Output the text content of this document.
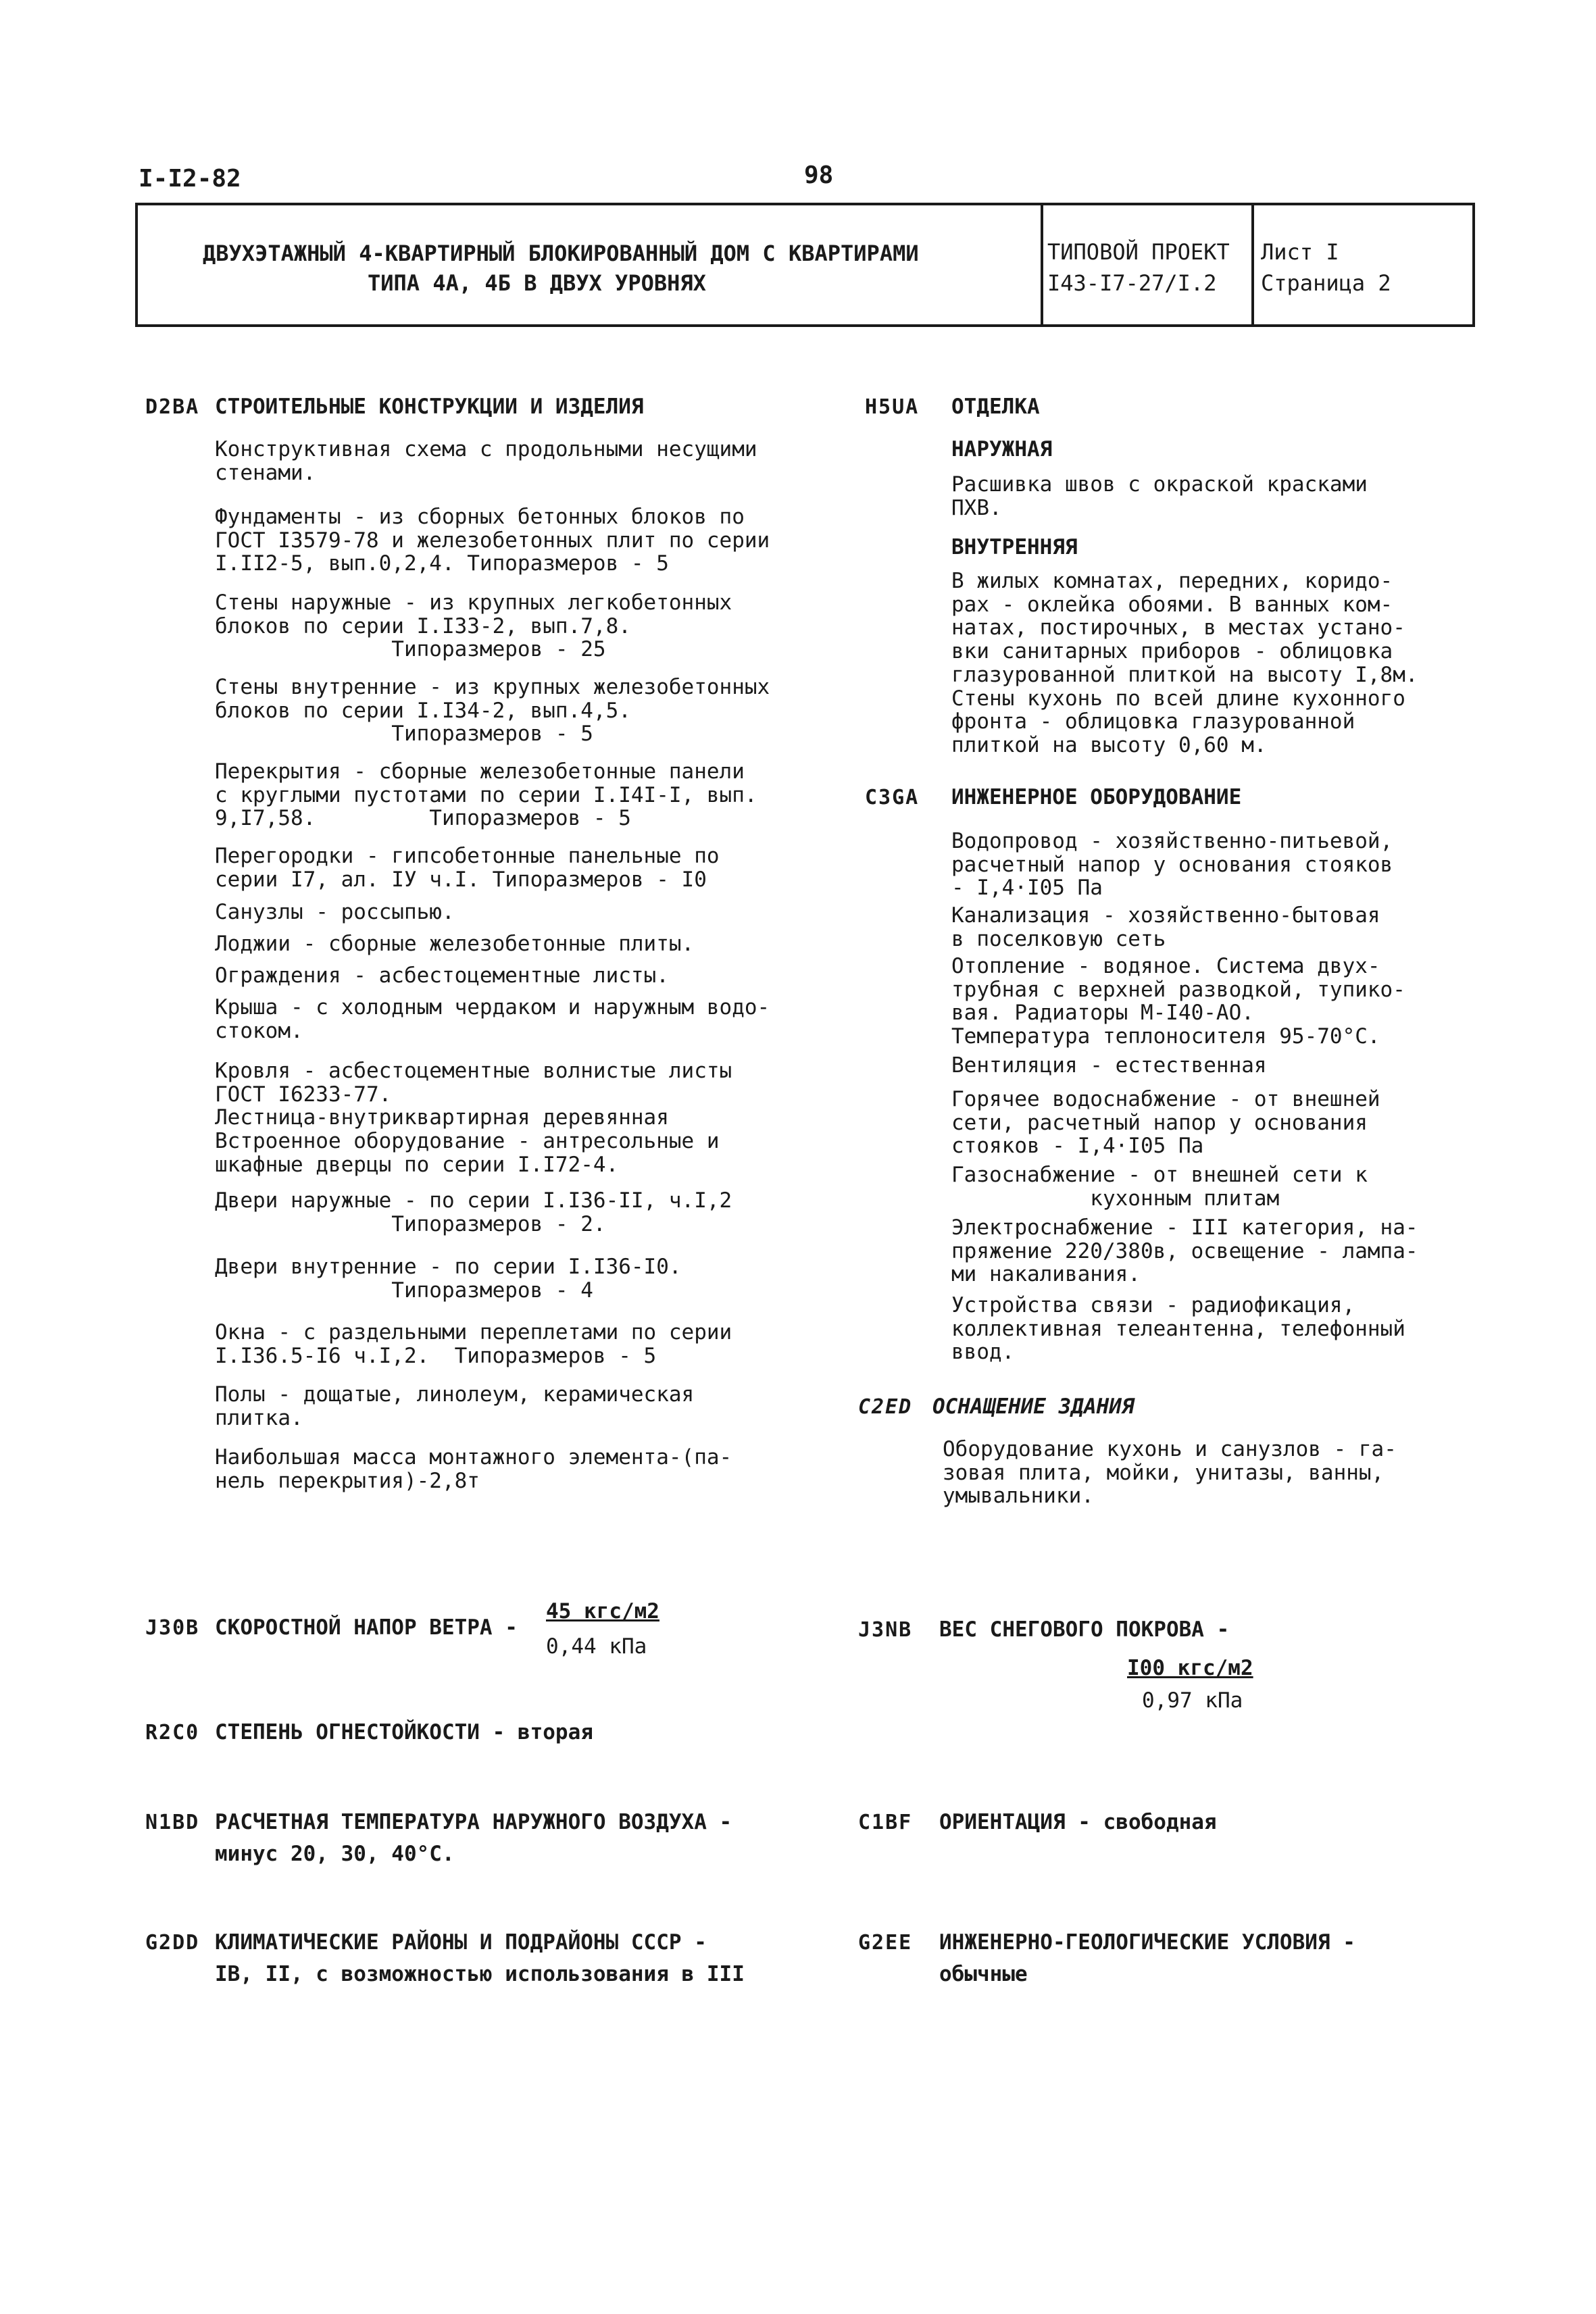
I-I2-82	98
ДВУХЭТАЖНЫЙ 4-КВАРТИРНЫЙ БЛОКИРОВАННЫЙ ДОМ С КВАРТИРАМИ
ТИПА 4А, 4Б В ДВУХ УРОВНЯХ
ТИПОВОЙ ПРОЕКТ
I43-I7-27/I.2
Лист I
Страница 2
D2BA СТРОИТЕЛЬНЫЕ КОНСТРУКЦИИ И ИЗДЕЛИЯ
Конструктивная схема с продольными несущими
стенами.
Фундаменты - из сборных бетонных блоков по
ГОСТ I3579-78 и железобетонных плит по серии
I.II2-5, вып.0,2,4. Типоразмеров - 5
Стены наружные - из крупных легкобетонных
блоков по серии I.I33-2, вып.7,8.
Типоразмеров - 25
Стены внутренние - из крупных железобетонных
блоков по серии I.I34-2, вып.4,5.
Типоразмеров - 5
Перекрытия - сборные железобетонные панели
с круглыми пустотами по серии I.I4I-I, вып.
9,I7,58.         Типоразмеров - 5
Перегородки - гипсобетонные панельные по
серии I7, ал. IУ ч.I. Типоразмеров - I0
Санузлы - россыпью.
Лоджии - сборные железобетонные плиты.
Ограждения - асбестоцементные листы.
Крыша - с холодным чердаком и наружным водо-
стоком.
Кровля - асбестоцементные волнистые листы
ГОСТ I6233-77.
Лестница-внутриквартирная деревянная
Встроенное оборудование - антресольные и
шкафные дверцы по серии I.I72-4.
Двери наружные - по серии I.I36-II, ч.I,2
Типоразмеров - 2.
Двери внутренние - по серии I.I36-I0.
Типоразмеров - 4
Окна - с раздельными переплетами по серии
I.I36.5-I6 ч.I,2.  Типоразмеров - 5
Полы - дощатые, линолеум, керамическая
плитка.
Наибольшая масса монтажного элемента-(па-
нель перекрытия)-2,8т
J30B СКОРОСТНОЙ НАПОР ВЕТРА -
45 кгс/м2
0,44 кПа
R2C0 СТЕПЕНЬ ОГНЕСТОЙКОСТИ - вторая
N1BD РАСЧЕТНАЯ ТЕМПЕРАТУРА НАРУЖНОГО ВОЗДУХА -
минус 20, 30, 40°С.
G2DD КЛИМАТИЧЕСКИЕ РАЙОНЫ И ПОДРАЙОНЫ СССР -
IВ, II, с возможностью использования в III
H5UA ОТДЕЛКА
НАРУЖНАЯ
Расшивка швов с окраской красками
ПХВ.
ВНУТРЕННЯЯ
В жилых комнатах, передних, коридо-
рах - оклейка обоями. В ванных ком-
натах, постирочных, в местах устано-
вки санитарных приборов - облицовка
глазурованной плиткой на высоту I,8м.
Стены кухонь по всей длине кухонного
фронта - облицовка глазурованной
плиткой на высоту 0,60 м.
C3GA ИНЖЕНЕРНОЕ ОБОРУДОВАНИЕ
Водопровод - хозяйственно-питьевой,
расчетный напор у основания стояков
- I,4·I05 Па
Канализация - хозяйственно-бытовая
в поселковую сеть
Отопление - водяное. Система двух-
трубная с верхней разводкой, тупико-
вая. Радиаторы М-I40-АО.
Температура теплоносителя 95-70°С.
Вентиляция - естественная
Горячее водоснабжение - от внешней
сети, расчетный напор у основания
стояков - I,4·I05 Па
Газоснабжение - от внешней сети к
кухонным плитам
Электроснабжение - III категория, на-
пряжение 220/380в, освещение - лампа-
ми накаливания.
Устройства связи - радиофикация,
коллективная телеантенна, телефонный
ввод.
C2ED ОСНАЩЕНИЕ ЗДАНИЯ
Оборудование кухонь и санузлов - га-
зовая плита, мойки, унитазы, ванны,
умывальники.
J3NB ВЕС СНЕГОВОГО ПОКРОВА -
I00 кгс/м2
0,97 кПа
C1BF ОРИЕНТАЦИЯ - свободная
G2EE ИНЖЕНЕРНО-ГЕОЛОГИЧЕСКИЕ УСЛОВИЯ -
обычные
